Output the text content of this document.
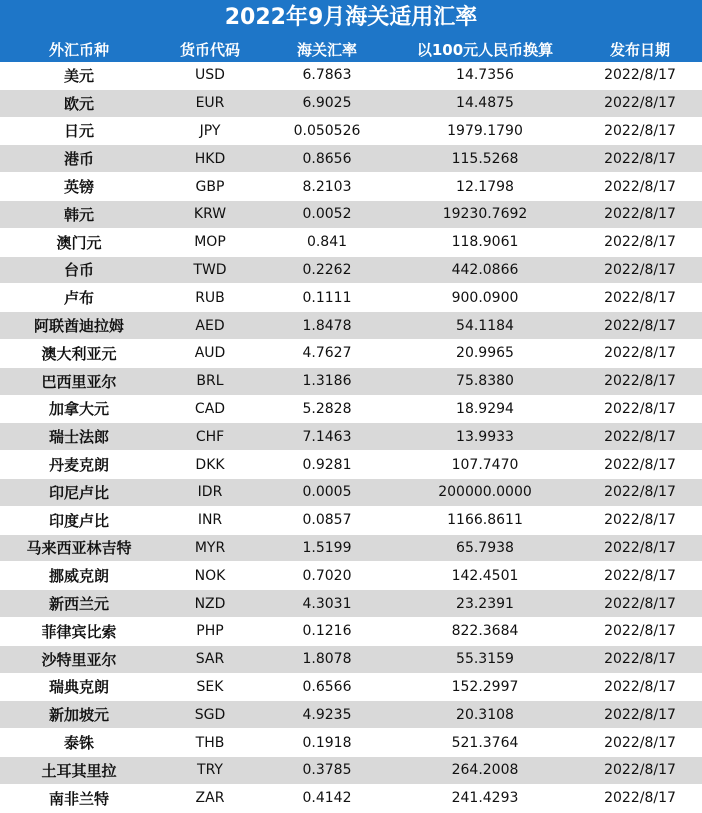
2022年9月海关适用汇率
外汇币种	货币代码	海关汇率	以100元人民币换算	发布日期
美元	USD	6.7863	14.7356	2022/8/17
欧元	EUR	6.9025	14.4875	2022/8/17
日元	JPY	0.050526	1979.1790	2022/8/17
港币	HKD	0.8656	115.5268	2022/8/17
英镑	GBP	8.2103	12.1798	2022/8/17
韩元	KRW	0.0052	19230.7692	2022/8/17
澳门元	MOP	0.841	118.9061	2022/8/17
台币	TWD	0.2262	442.0866	2022/8/17
卢布	RUB	0.1111	900.0900	2022/8/17
阿联酋迪拉姆	AED	1.8478	54.1184	2022/8/17
澳大利亚元	AUD	4.7627	20.9965	2022/8/17
巴西里亚尔	BRL	1.3186	75.8380	2022/8/17
加拿大元	CAD	5.2828	18.9294	2022/8/17
瑞士法郎	CHF	7.1463	13.9933	2022/8/17
丹麦克朗	DKK	0.9281	107.7470	2022/8/17
印尼卢比	IDR	0.0005	200000.0000	2022/8/17
印度卢比	INR	0.0857	1166.8611	2022/8/17
马来西亚林吉特	MYR	1.5199	65.7938	2022/8/17
挪威克朗	NOK	0.7020	142.4501	2022/8/17
新西兰元	NZD	4.3031	23.2391	2022/8/17
菲律宾比索	PHP	0.1216	822.3684	2022/8/17
沙特里亚尔	SAR	1.8078	55.3159	2022/8/17
瑞典克朗	SEK	0.6566	152.2997	2022/8/17
新加坡元	SGD	4.9235	20.3108	2022/8/17
泰铢	THB	0.1918	521.3764	2022/8/17
土耳其里拉	TRY	0.3785	264.2008	2022/8/17
南非兰特	ZAR	0.4142	241.4293	2022/8/17
